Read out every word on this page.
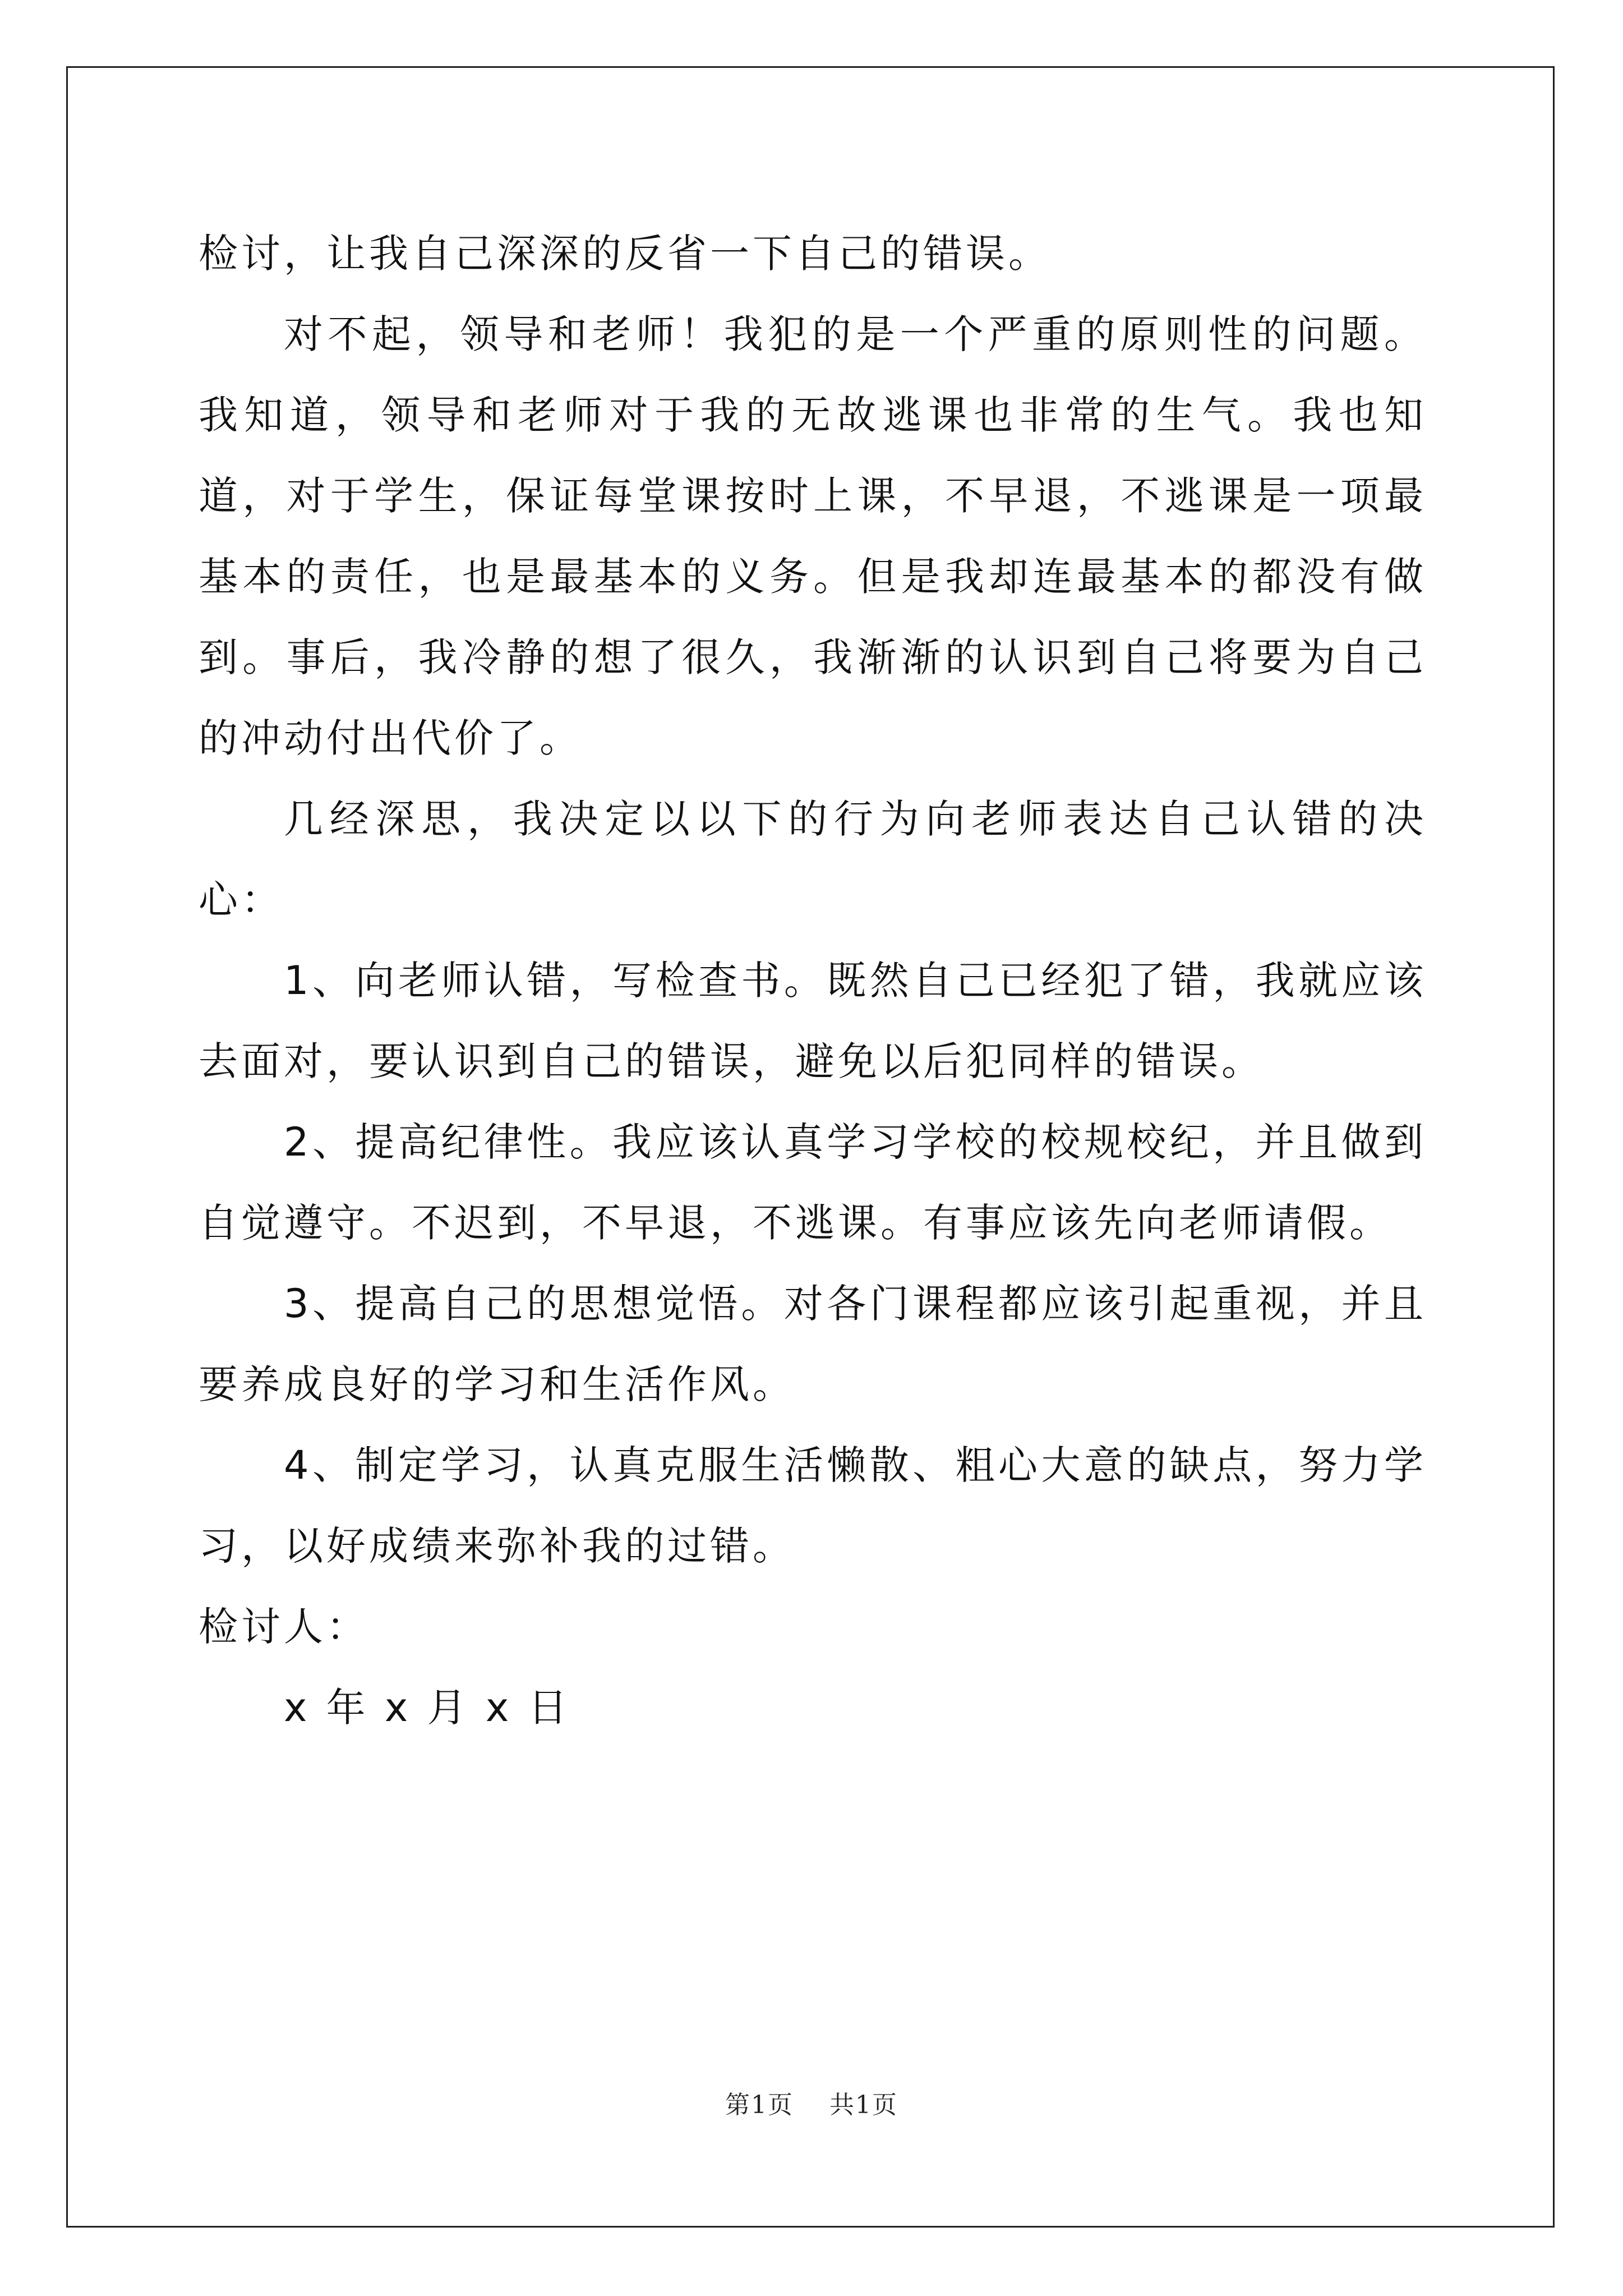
检讨，让我自己深深的反省一下自己的错误。

对不起，领导和老师！我犯的是一个严重的原则性的问题。我知道，领导和老师对于我的无故逃课也非常的生气。我也知道，对于学生，保证每堂课按时上课，不早退，不逃课是一项最基本的责任，也是最基本的义务。但是我却连最基本的都没有做到。事后，我冷静的想了很久，我渐渐的认识到自己将要为自己的冲动付出代价了。

几经深思，我决定以以下的行为向老师表达自己认错的决心：

1、向老师认错，写检查书。既然自己已经犯了错，我就应该去面对，要认识到自己的错误，避免以后犯同样的错误。

2、提高纪律性。我应该认真学习学校的校规校纪，并且做到自觉遵守。不迟到，不早退，不逃课。有事应该先向老师请假。

3、提高自己的思想觉悟。对各门课程都应该引起重视，并且要养成良好的学习和生活作风。

4、制定学习，认真克服生活懒散、粗心大意的缺点，努力学习，以好成绩来弥补我的过错。

检讨人：

x 年 x 月 x 日

第1页 共1页
